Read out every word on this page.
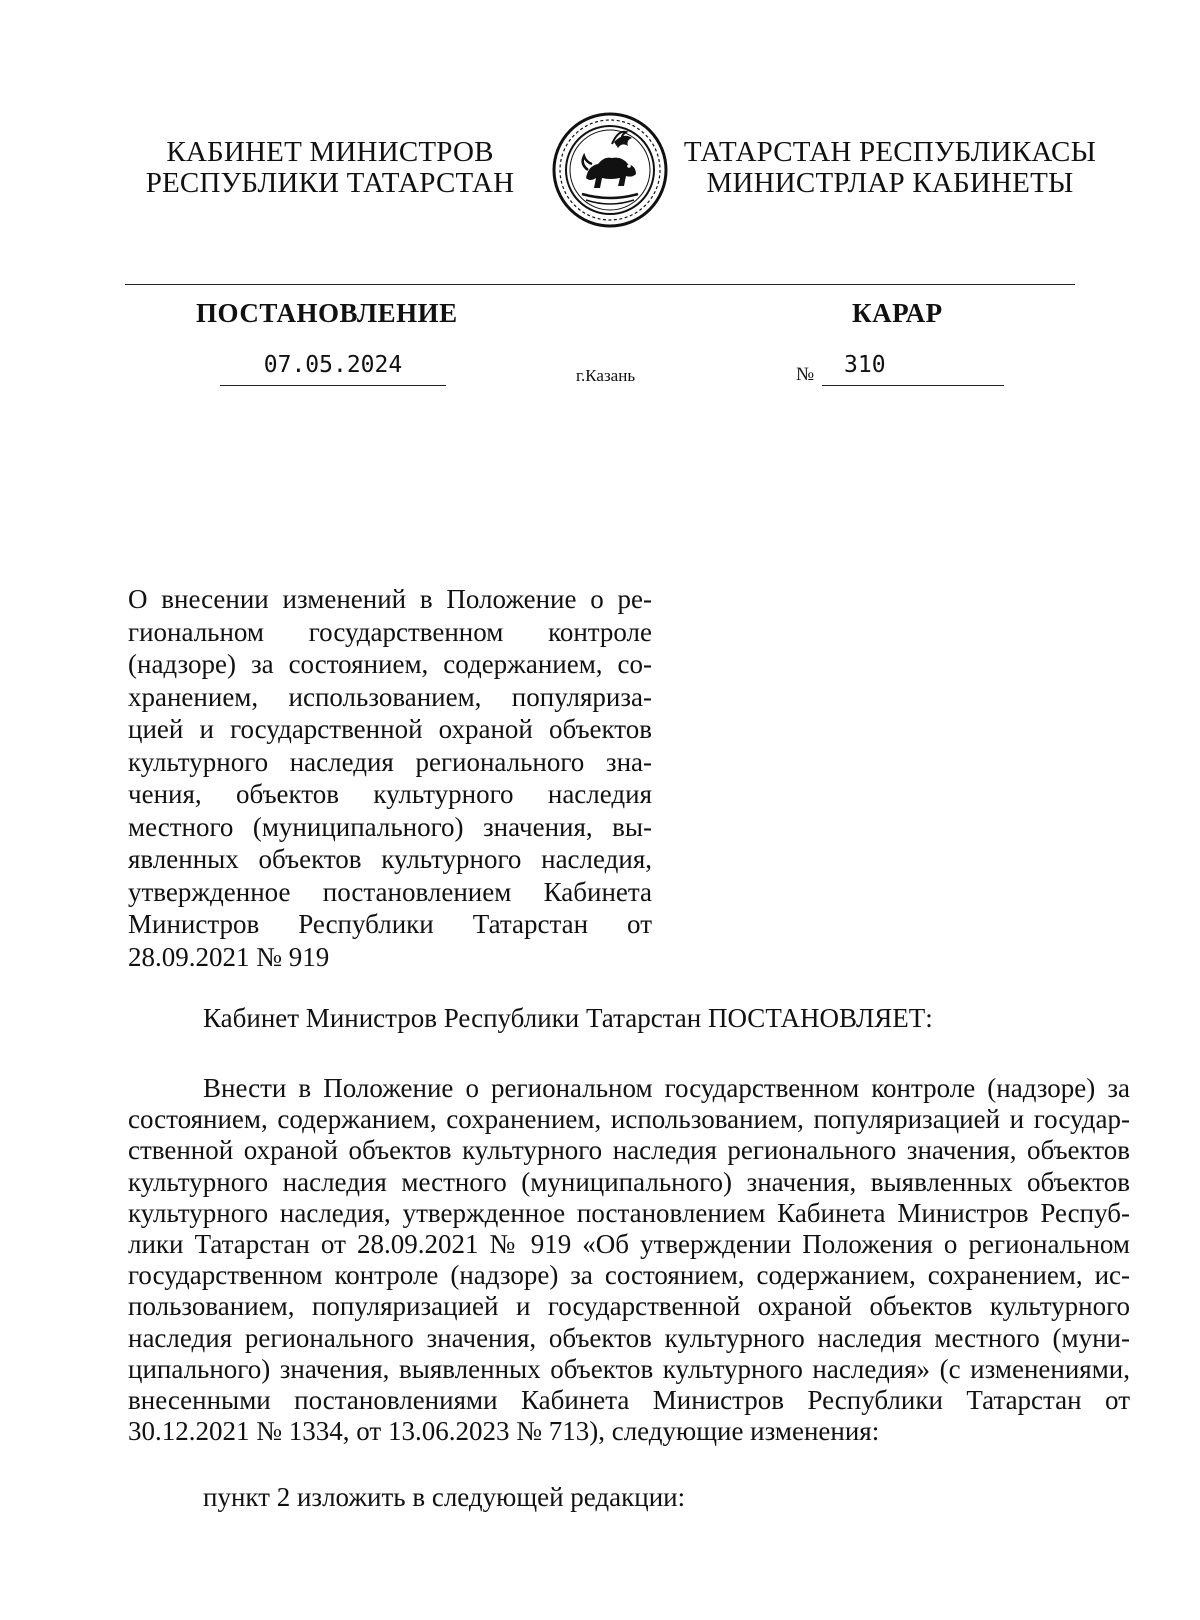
КАБИНЕТ МИНИСТРОВ
РЕСПУБЛИКИ ТАТАРСТАН
ТАТАРСТАН РЕСПУБЛИКАСЫ
МИНИСТРЛАР КАБИНЕТЫ
ПОСТАНОВЛЕНИЕ	КАРАР
07.05.2024	г.Казань	№	310
О внесении изменений в Положение о ре-
гиональном государственном контроле
(надзоре) за состоянием, содержанием, со-
хранением, использованием, популяриза-
цией и государственной охраной объектов
культурного наследия регионального зна-
чения, объектов культурного наследия
местного (муниципального) значения, вы-
явленных объектов культурного наследия,
утвержденное постановлением Кабинета
Министров Республики Татарстан от
28.09.2021 № 919
Кабинет Министров Республики Татарстан ПОСТАНОВЛЯЕТ:
Внести в Положение о региональном государственном контроле (надзоре) за
состоянием, содержанием, сохранением, использованием, популяризацией и государ-
ственной охраной объектов культурного наследия регионального значения, объектов
культурного наследия местного (муниципального) значения, выявленных объектов
культурного наследия, утвержденное постановлением Кабинета Министров Респуб-
лики Татарстан от 28.09.2021 № 919 «Об утверждении Положения о региональном
государственном контроле (надзоре) за состоянием, содержанием, сохранением, ис-
пользованием, популяризацией и государственной охраной объектов культурного
наследия регионального значения, объектов культурного наследия местного (муни-
ципального) значения, выявленных объектов культурного наследия» (с изменениями,
внесенными постановлениями Кабинета Министров Республики Татарстан от
30.12.2021 № 1334, от 13.06.2023 № 713), следующие изменения:
пункт 2 изложить в следующей редакции:
